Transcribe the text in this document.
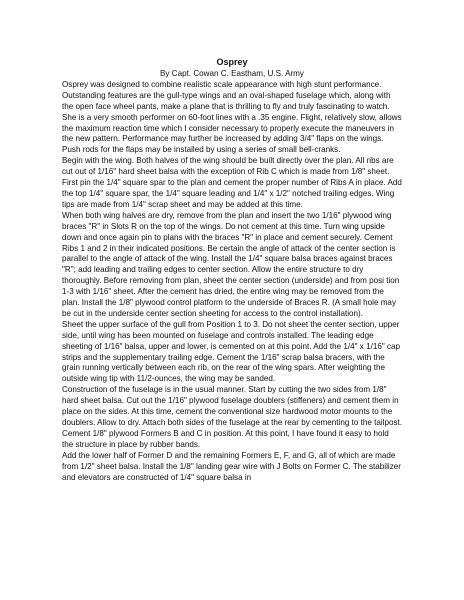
Osprey
By Capt. Cowan C. Eastham, U.S. Army

Osprey was designed to combine realistic scale appearance with high stunt performance. Outstanding features are the gull-type wings and an oval-shaped fuselage which, along with the open face wheel pants, make a plane that is thrilling to fly and truly fascinating to watch.

She is a very smooth performer on 60-foot lines with a .35 engine. Flight, relatively slow, allows the maximum reaction time which I consider necessary to properly execute the maneuvers in the new pattern. Performance may further be increased by adding 3/4" flaps on the wings. Push rods for the flaps may be installed by using a series of small bell-cranks.

Begin with the wing. Both halves of the wing should be built directly over the plan. All ribs are cut out of 1/16" hard sheet balsa with the exception of Rib C which is made from 1/8" sheet. First pin the 1/4" square spar to the plan and cement the proper number of Ribs A in place. Add the top 1/4" square spar, the 1/4" square leading and 1/4" x 1/2" notched trailing edges. Wing tips are made from 1/4" scrap sheet and may be added at this time.

When both wing halves are dry, remove from the plan and insert the two 1/16" plywood wing braces "R" in Slots R on the top of the wings. Do not cement at this time. Turn wing upside down and once again pin to plans with the braces "R" in place and cement securely. Cement Ribs 1 and 2 in their indicated positions. Be certain the angle of attack of the center section is parallel to the angle of attack of the wing. Install the 1/4" square balsa braces against braces "R"; add leading and trailing edges to center section. Allow the entire structure to dry thoroughly. Before removing from plan, sheet the center section (underside) and from posi tion 1-3 with 1/16" sheet. After the cement has dried, the entire wing may be removed from the plan. Install the 1/8" plywood control platform to the underside of Braces R. (A small hole may be cut in the underside center section sheeting for access to the control installation).

Sheet the upper surface of the gull from Position 1 to 3. Do not sheet the center section, upper side, until wing has been mounted on fuselage and controls installed. The leading edge sheeting of 1/16" balsa, upper and lower, is cemented on at this point. Add the 1/4" x 1/16" cap strips and the supplementary trailing edge. Cement the 1/16" scrap balsa bracers, with the grain running vertically between each rib, on the rear of the wing spars. After weighting the outside wing tip with 11/2-ounces, the wing may be sanded.

Construction of the fuselage is in the usual manner. Start by cutting the two sides from 1/8" hard sheet balsa. Cut out the 1/16" plywood fuselage doublers (stiffeners) and cement them in place on the sides. At this time, cement the conventional size hardwood motor mounts to the doublers. Allow to dry. Attach both sides of the fuselage at the rear by cementing to the tailpost. Cement 1/8" plywood Formers B and C in position. At this point, I have found it easy to hold the structure in place by rubber bands.

Add the lower half of Former D and the remaining Formers E, F, and G, all of which are made from 1/2" sheet balsa. Install the 1/8" landing gear wire with J Bolts on Former C. The stabilizer and elevators are constructed of 1/4" square balsa in
